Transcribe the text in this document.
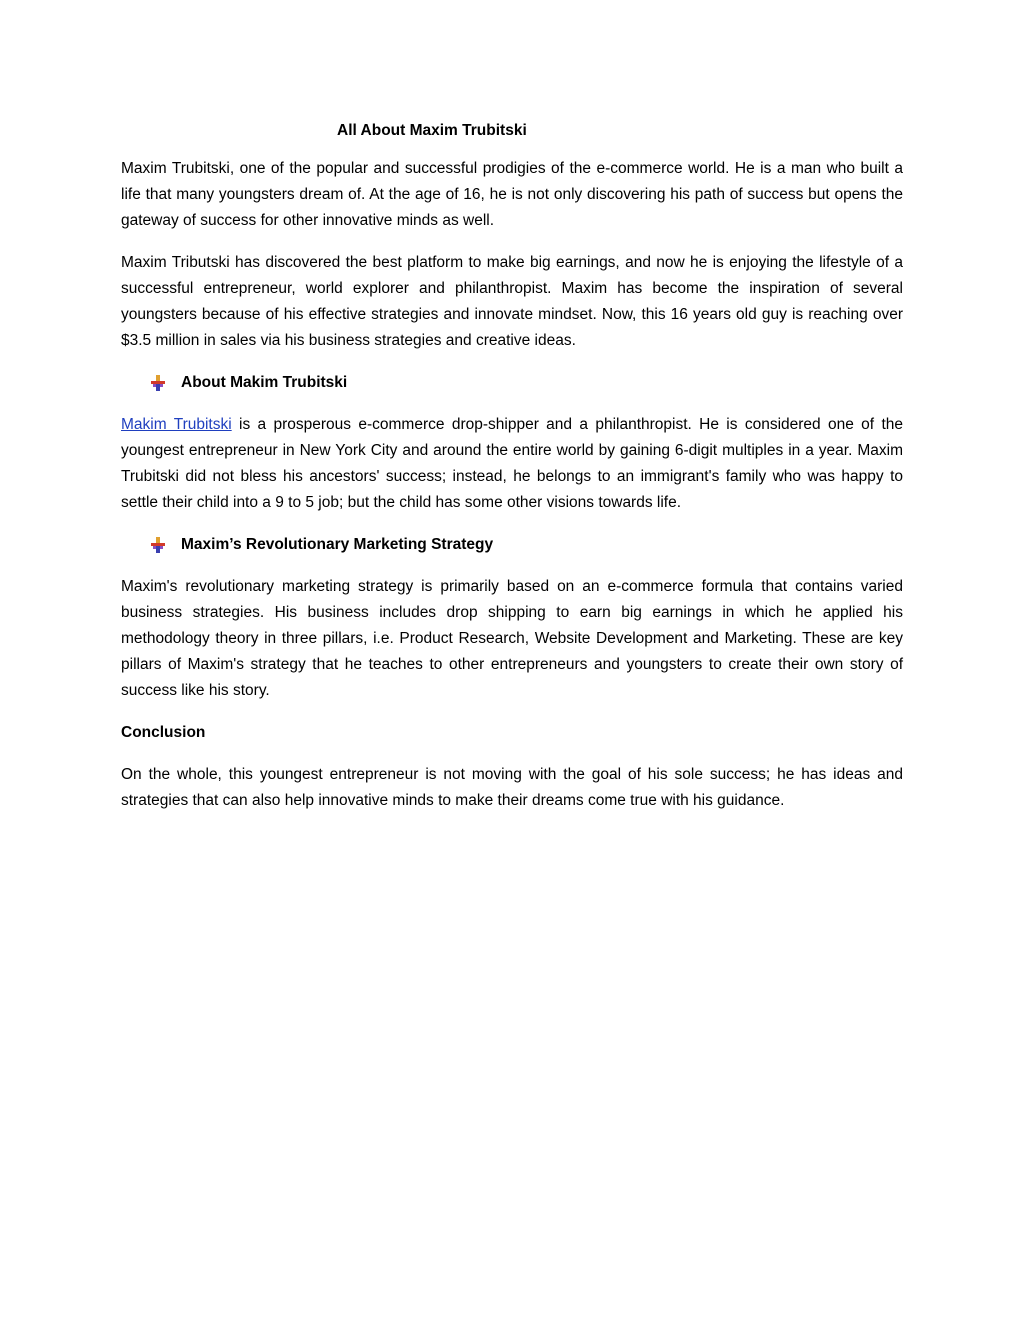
All About Maxim Trubitski

Maxim Trubitski, one of the popular and successful prodigies of the e-commerce world. He is a man who built a life that many youngsters dream of. At the age of 16, he is not only discovering his path of success but opens the gateway of success for other innovative minds as well.

Maxim Tributski has discovered the best platform to make big earnings, and now he is enjoying the lifestyle of a successful entrepreneur, world explorer and philanthropist. Maxim has become the inspiration of several youngsters because of his effective strategies and innovate mindset. Now, this 16 years old guy is reaching over $3.5 million in sales via his business strategies and creative ideas.

About Makim Trubitski

Makim Trubitski is a prosperous e-commerce drop-shipper and a philanthropist. He is considered one of the youngest entrepreneur in New York City and around the entire world by gaining 6-digit multiples in a year. Maxim Trubitski did not bless his ancestors' success; instead, he belongs to an immigrant's family who was happy to settle their child into a 9 to 5 job; but the child has some other visions towards life.

Maxim’s Revolutionary Marketing Strategy

Maxim's revolutionary marketing strategy is primarily based on an e-commerce formula that contains varied business strategies. His business includes drop shipping to earn big earnings in which he applied his methodology theory in three pillars, i.e. Product Research, Website Development and Marketing. These are key pillars of Maxim's strategy that he teaches to other entrepreneurs and youngsters to create their own story of success like his story.

Conclusion

On the whole, this youngest entrepreneur is not moving with the goal of his sole success; he has ideas and strategies that can also help innovative minds to make their dreams come true with his guidance.
